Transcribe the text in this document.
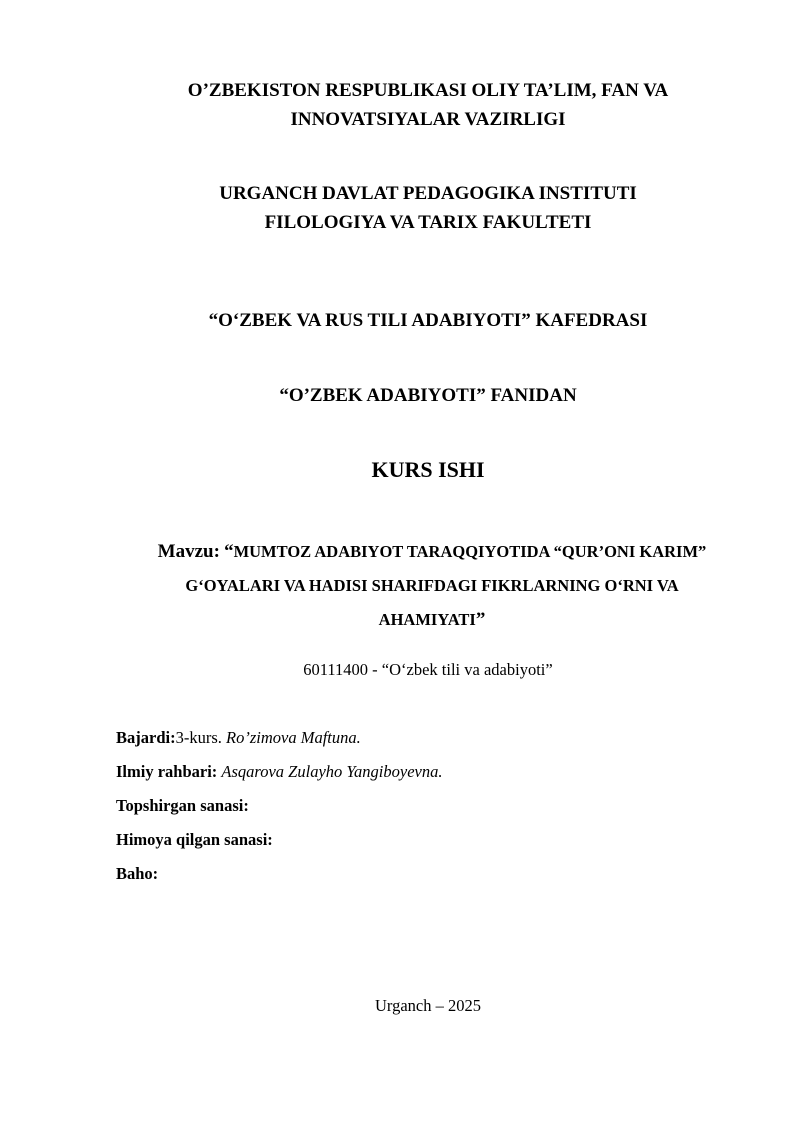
O’ZBEKISTON RESPUBLIKASI OLIY TA’LIM, FAN VA
INNOVATSIYALAR VAZIRLIGI
URGANCH DAVLAT PEDAGOGIKA INSTITUTI
FILOLOGIYA VA TARIX FAKULTETI
“O‘ZBEK VA RUS TILI ADABIYOTI” KAFEDRASI
“O’ZBEK ADABIYOTI” FANIDAN
KURS ISHI
Mavzu: “MUMTOZ ADABIYOT TARAQQIYOTIDA “QUR’ONI KARIM”
G‘OYALARI VA HADISI SHARIFDAGI FIKRLARNING O‘RNI VA
AHAMIYATI”
60111400 - “O‘zbek tili va adabiyoti”
Bajardi:3-kurs. Ro’zimova Maftuna.
Ilmiy rahbari: Asqarova Zulayho Yangiboyevna.
Topshirgan sanasi:
Himoya qilgan sanasi:
Baho:
Urganch – 2025
